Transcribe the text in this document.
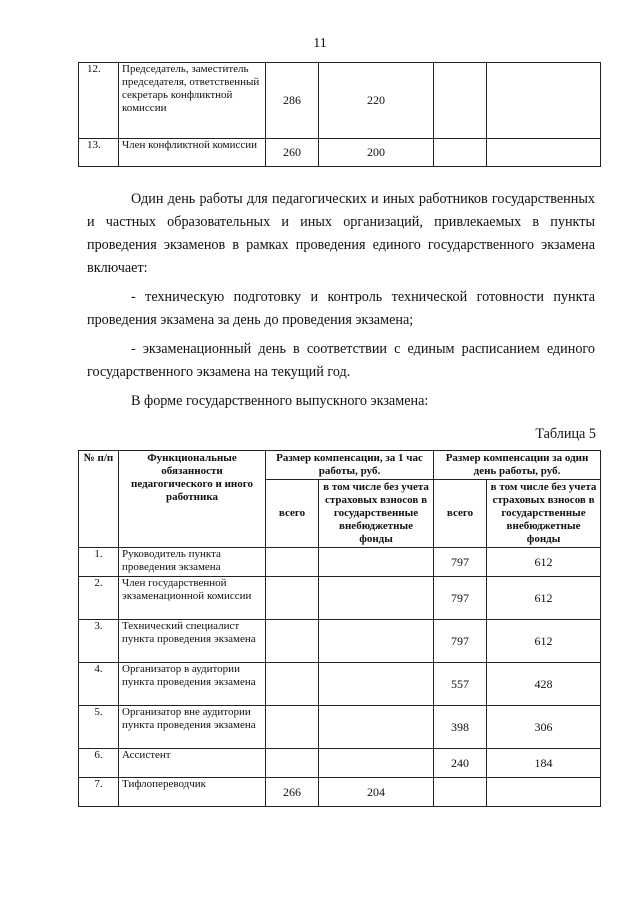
11
12.	Председатель, заместитель председателя, ответственный секретарь конфликтной комиссии	286	220		
13.	Член конфликтной комиссии	260	200		

Один день работы для педагогических и иных работников государственных и частных образовательных и иных организаций, привлекаемых в пункты проведения экзаменов в рамках проведения единого государственного экзамена включает:

- техническую подготовку и контроль технической готовности пункта проведения экзамена за день до проведения экзамена;

- экзаменационный день в соответствии с единым расписанием единого государственного экзамена на текущий год.

В форме государственного выпускного экзамена:

Таблица 5
№ п/п	Функциональные обязанности педагогического и иного работника	Размер компенсации, за 1 час работы, руб.		Размер компенсации за один день работы, руб.	
		всего	в том числе без учета страховых взносов в государственные внебюджетные фонды	всего	в том числе без учета страховых взносов в государственные внебюджетные фонды
1.	Руководитель пункта проведения экзамена			797	612
2.	Член государственной экзаменационной комиссии			797	612
3.	Технический специалист пункта проведения экзамена			797	612
4.	Организатор в аудитории пункта проведения экзамена			557	428
5.	Организатор вне аудитории пункта проведения экзамена			398	306
6.	Ассистент			240	184
7.	Тифлопереводчик	266	204		
